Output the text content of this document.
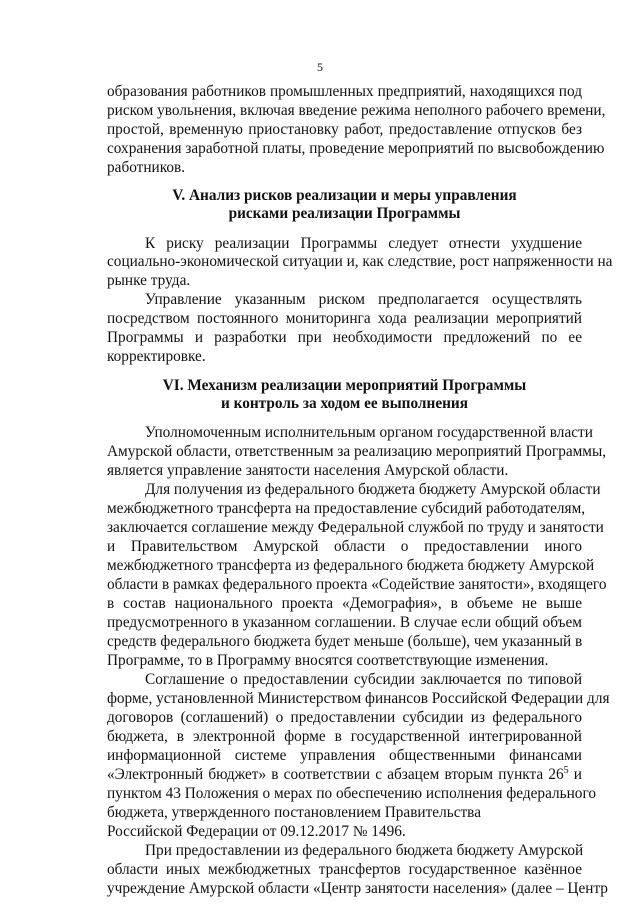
5
образования работников промышленных предприятий, находящихся под
риском увольнения, включая введение режима неполного рабочего времени,
простой, временную приостановку работ, предоставление отпусков без
сохранения заработной платы, проведение мероприятий по высвобождению
работников.
V. Анализ рисков реализации и меры управления
рисками реализации Программы
К риску реализации Программы следует отнести ухудшение
социально-экономической ситуации и, как следствие, рост напряженности на
рынке труда.
Управление указанным риском предполагается осуществлять
посредством постоянного мониторинга хода реализации мероприятий
Программы и разработки при необходимости предложений по ее
корректировке.
VI. Механизм реализации мероприятий Программы
и контроль за ходом ее выполнения
Уполномоченным исполнительным органом государственной власти
Амурской области, ответственным за реализацию мероприятий Программы,
является управление занятости населения Амурской области.
Для получения из федерального бюджета бюджету Амурской области
межбюджетного трансферта на предоставление субсидий работодателям,
заключается соглашение между Федеральной службой по труду и занятости
и Правительством Амурской области о предоставлении иного
межбюджетного трансферта из федерального бюджета бюджету Амурской
области в рамках федерального проекта «Содействие занятости», входящего
в состав национального проекта «Демография», в объеме не выше
предусмотренного в указанном соглашении. В случае если общий объем
средств федерального бюджета будет меньше (больше), чем указанный в
Программе, то в Программу вносятся соответствующие изменения.
Соглашение о предоставлении субсидии заключается по типовой
форме, установленной Министерством финансов Российской Федерации для
договоров (соглашений) о предоставлении субсидии из федерального
бюджета, в электронной форме в государственной интегрированной
информационной системе управления общественными финансами
«Электронный бюджет» в соответствии с абзацем вторым пункта $26^5$ и
пунктом 43 Положения о мерах по обеспечению исполнения федерального
бюджета, утвержденного постановлением Правительства
Российской Федерации от 09.12.2017 № 1496.
При предоставлении из федерального бюджета бюджету Амурской
области иных межбюджетных трансфертов государственное казённое
учреждение Амурской области «Центр занятости населения» (далее – Центр
